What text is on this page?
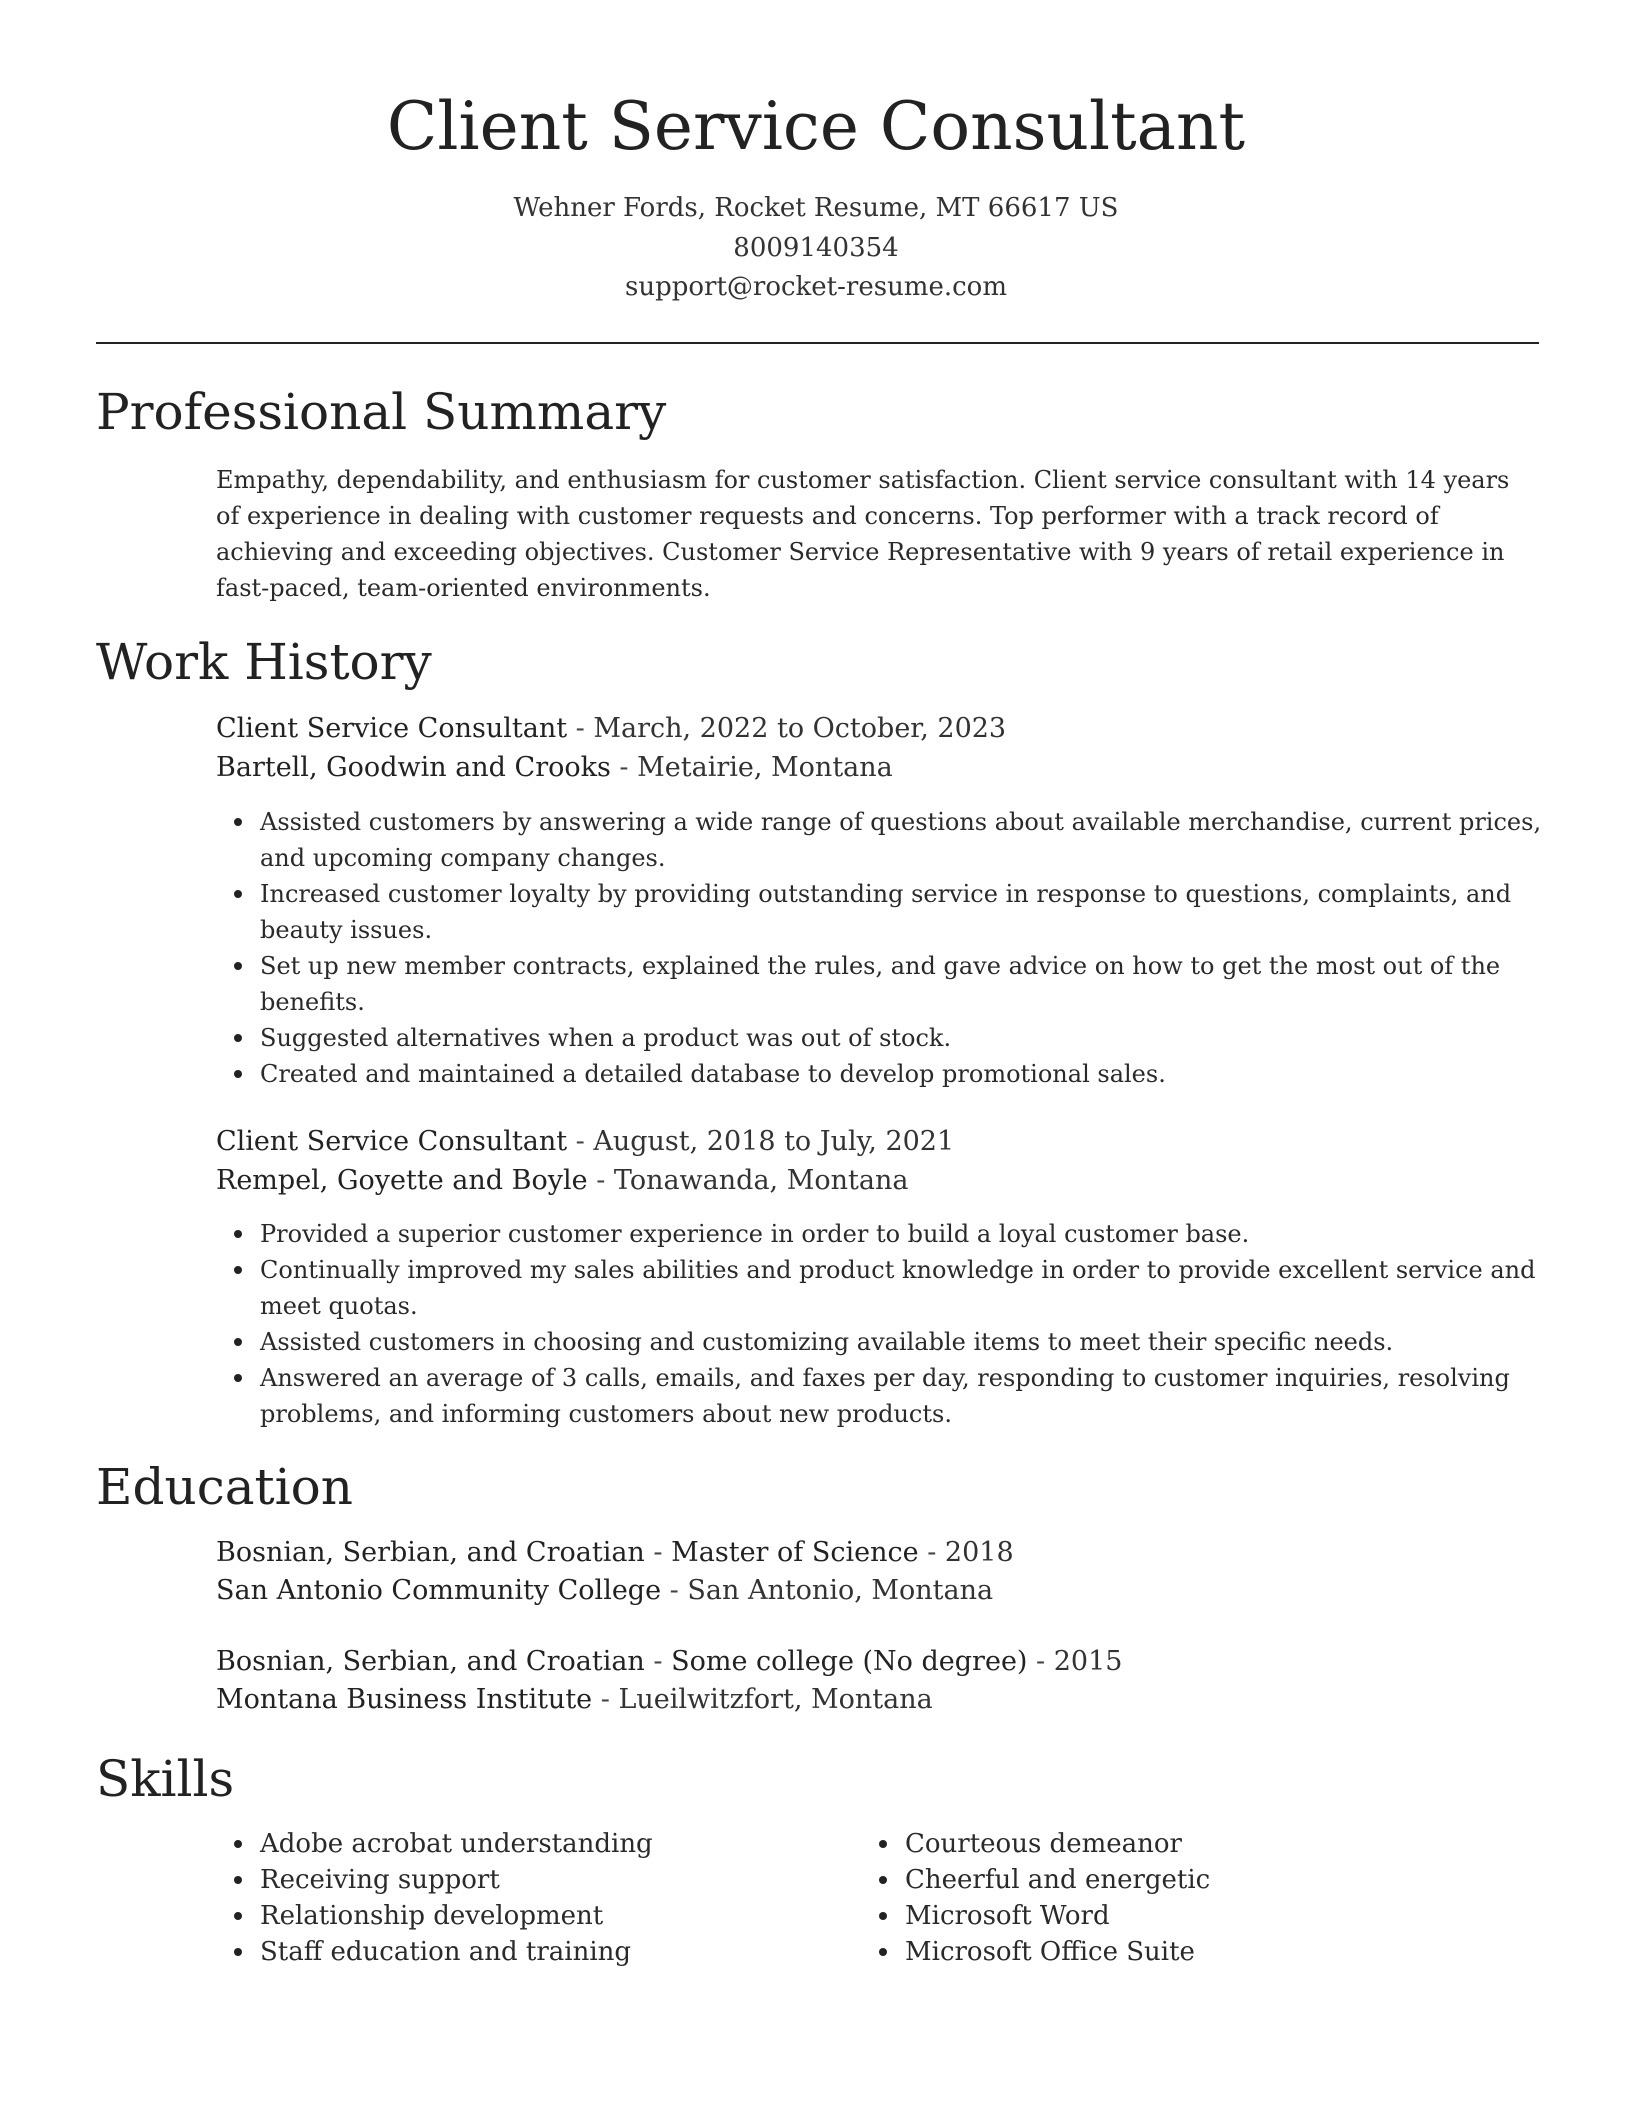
Client Service Consultant
Wehner Fords, Rocket Resume, MT 66617 US
8009140354
support@rocket-resume.com
Professional Summary
Empathy, dependability, and enthusiasm for customer satisfaction. Client service consultant with 14 years of experience in dealing with customer requests and concerns. Top performer with a track record of achieving and exceeding objectives. Customer Service Representative with 9 years of retail experience in fast-paced, team-oriented environments.
Work History
Client Service Consultant - March, 2022 to October, 2023
Bartell, Goodwin and Crooks - Metairie, Montana
Assisted customers by answering a wide range of questions about available merchandise, current prices, and upcoming company changes.
Increased customer loyalty by providing outstanding service in response to questions, complaints, and beauty issues.
Set up new member contracts, explained the rules, and gave advice on how to get the most out of the benefits.
Suggested alternatives when a product was out of stock.
Created and maintained a detailed database to develop promotional sales.
Client Service Consultant - August, 2018 to July, 2021
Rempel, Goyette and Boyle - Tonawanda, Montana
Provided a superior customer experience in order to build a loyal customer base.
Continually improved my sales abilities and product knowledge in order to provide excellent service and meet quotas.
Assisted customers in choosing and customizing available items to meet their specific needs.
Answered an average of 3 calls, emails, and faxes per day, responding to customer inquiries, resolving problems, and informing customers about new products.
Education
Bosnian, Serbian, and Croatian - Master of Science - 2018
San Antonio Community College - San Antonio, Montana
Bosnian, Serbian, and Croatian - Some college (No degree) - 2015
Montana Business Institute - Lueilwitzfort, Montana
Skills
Adobe acrobat understanding
Receiving support
Relationship development
Staff education and training
Courteous demeanor
Cheerful and energetic
Microsoft Word
Microsoft Office Suite
